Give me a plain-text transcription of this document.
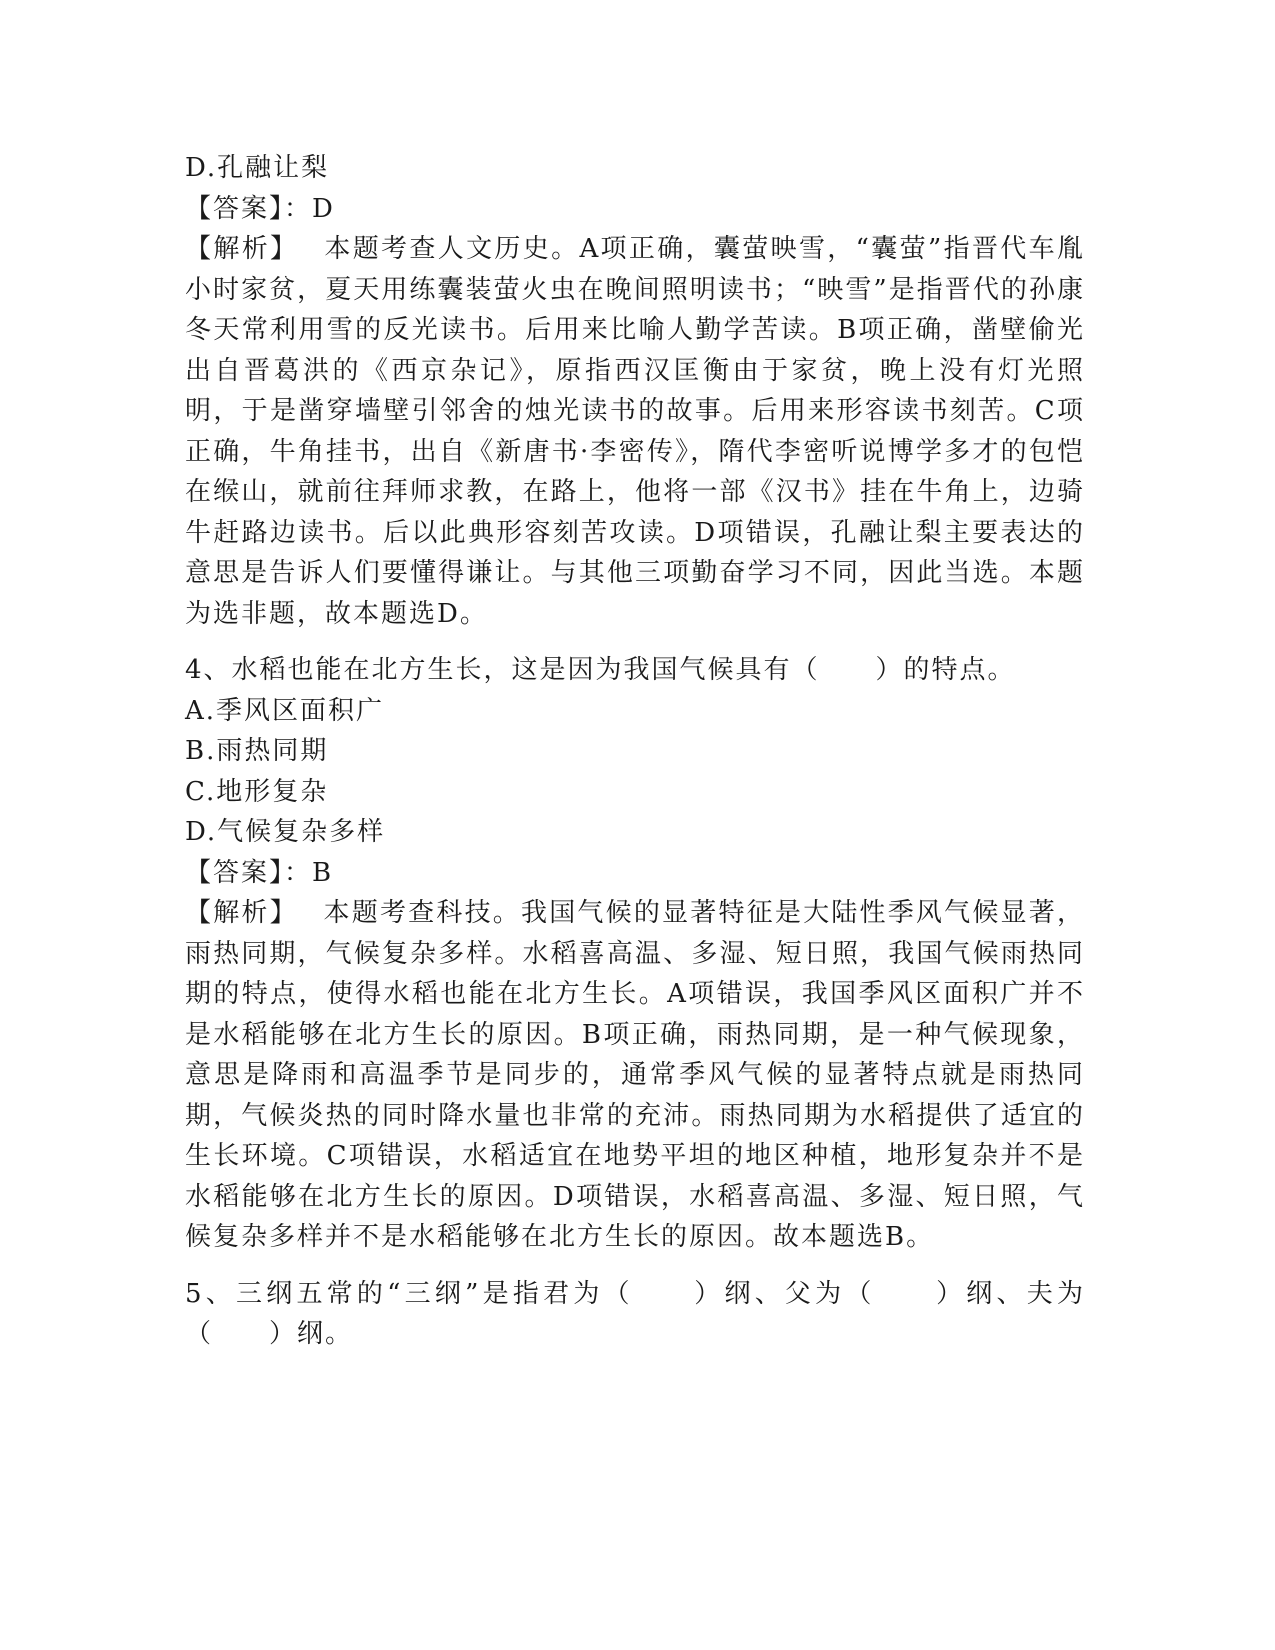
D.孔融让梨
【答案】：D
【解析】　 本题考查人文历史。A项正确，囊萤映雪，“囊萤”指晋代车胤小时家贫，夏天用练囊装萤火虫在晚间照明读书；“映雪”是指晋代的孙康冬天常利用雪的反光读书。后用来比喻人勤学苦读。B项正确，凿壁偷光出自晋葛洪的《西京杂记》，原指西汉匡衡由于家贫，晚上没有灯光照明，于是凿穿墙壁引邻舍的烛光读书的故事。后用来形容读书刻苦。C项正确，牛角挂书，出自《新唐书·李密传》，隋代李密听说博学多才的包恺在缑山，就前往拜师求教，在路上，他将一部《汉书》挂在牛角上，边骑牛赶路边读书。后以此典形容刻苦攻读。D项错误，孔融让梨主要表达的意思是告诉人们要懂得谦让。与其他三项勤奋学习不同，因此当选。本题为选非题，故本题选D。
4、水稻也能在北方生长，这是因为我国气候具有（　　）的特点。
A.季风区面积广
B.雨热同期
C.地形复杂
D.气候复杂多样
【答案】：B
【解析】　 本题考查科技。我国气候的显著特征是大陆性季风气候显著，雨热同期，气候复杂多样。水稻喜高温、多湿、短日照，我国气候雨热同期的特点，使得水稻也能在北方生长。A项错误，我国季风区面积广并不是水稻能够在北方生长的原因。B项正确，雨热同期，是一种气候现象，意思是降雨和高温季节是同步的，通常季风气候的显著特点就是雨热同期，气候炎热的同时降水量也非常的充沛。雨热同期为水稻提供了适宜的生长环境。C项错误，水稻适宜在地势平坦的地区种植，地形复杂并不是水稻能够在北方生长的原因。D项错误，水稻喜高温、多湿、短日照，气候复杂多样并不是水稻能够在北方生长的原因。故本题选B。
5、三纲五常的“三纲”是指君为（　　）纲、父为（　　）纲、夫为（　　）纲。
